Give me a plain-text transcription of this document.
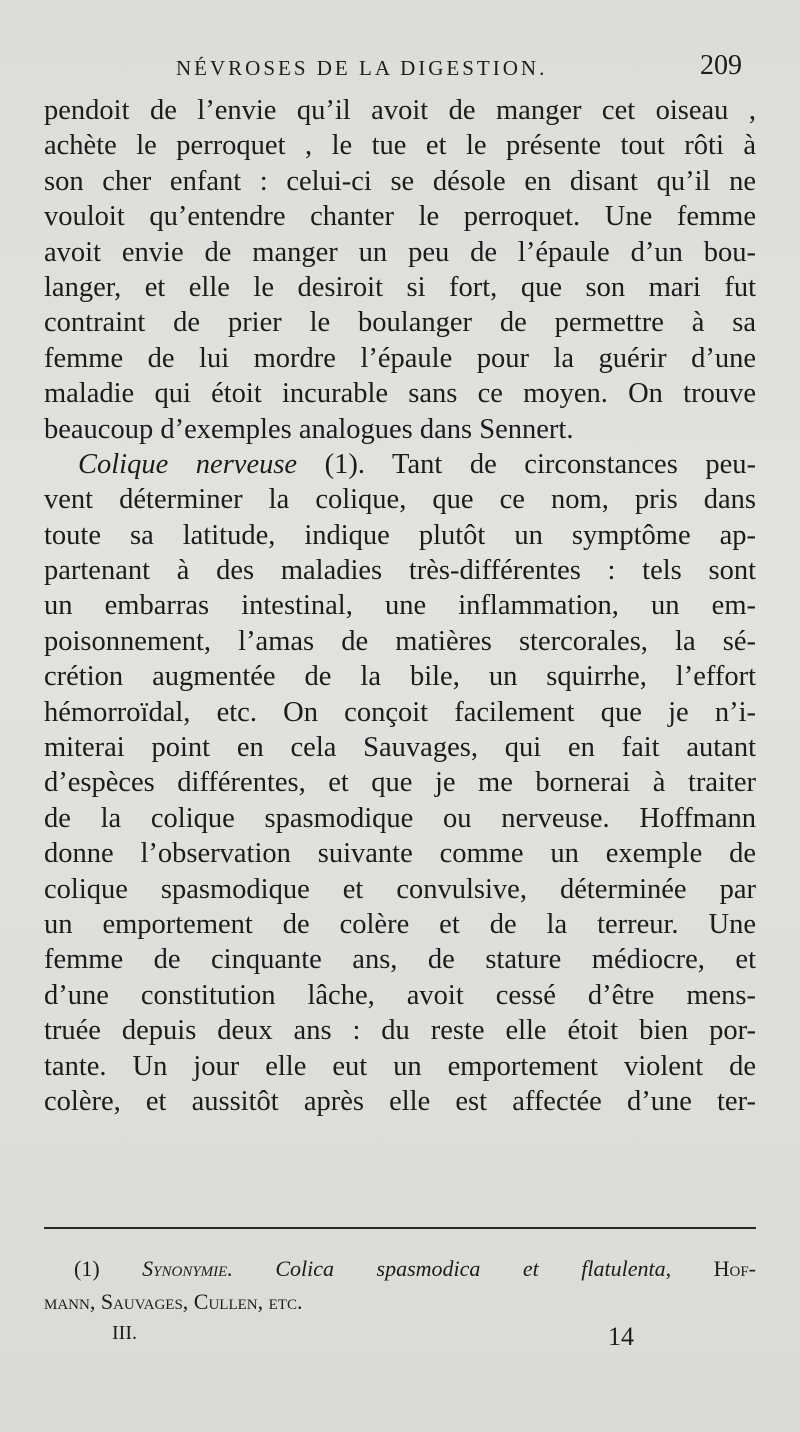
NÉVROSES DE LA DIGESTION.	209
pendoit de l’envie qu’il avoit de manger cet oiseau ,
achète le perroquet , le tue et le présente tout rôti à
son cher enfant : celui-ci se désole en disant qu’il ne
vouloit qu’entendre chanter le perroquet. Une femme
avoit envie de manger un peu de l’épaule d’un bou-
langer, et elle le desiroit si fort, que son mari fut
contraint de prier le boulanger de permettre à sa
femme de lui mordre l’épaule pour la guérir d’une
maladie qui étoit incurable sans ce moyen. On trouve
beaucoup d’exemples analogues dans Sennert.
Colique nerveuse (1). Tant de circonstances peu-
vent déterminer la colique, que ce nom, pris dans
toute sa latitude, indique plutôt un symptôme ap-
partenant à des maladies très-différentes : tels sont
un embarras intestinal, une inflammation, un em-
poisonnement, l’amas de matières stercorales, la sé-
crétion augmentée de la bile, un squirrhe, l’effort
hémorroïdal, etc. On conçoit facilement que je n’i-
miterai point en cela Sauvages, qui en fait autant
d’espèces différentes, et que je me bornerai à traiter
de la colique spasmodique ou nerveuse. Hoffmann
donne l’observation suivante comme un exemple de
colique spasmodique et convulsive, déterminée par
un emportement de colère et de la terreur. Une
femme de cinquante ans, de stature médiocre, et
d’une constitution lâche, avoit cessé d’être mens-
truée depuis deux ans : du reste elle étoit bien por-
tante. Un jour elle eut un emportement violent de
colère, et aussitôt après elle est affectée d’une ter-
(1) Synonymie. Colica spasmodica et flatulenta, Hof-
mann, Sauvages, Cullen, etc.
III.	14
